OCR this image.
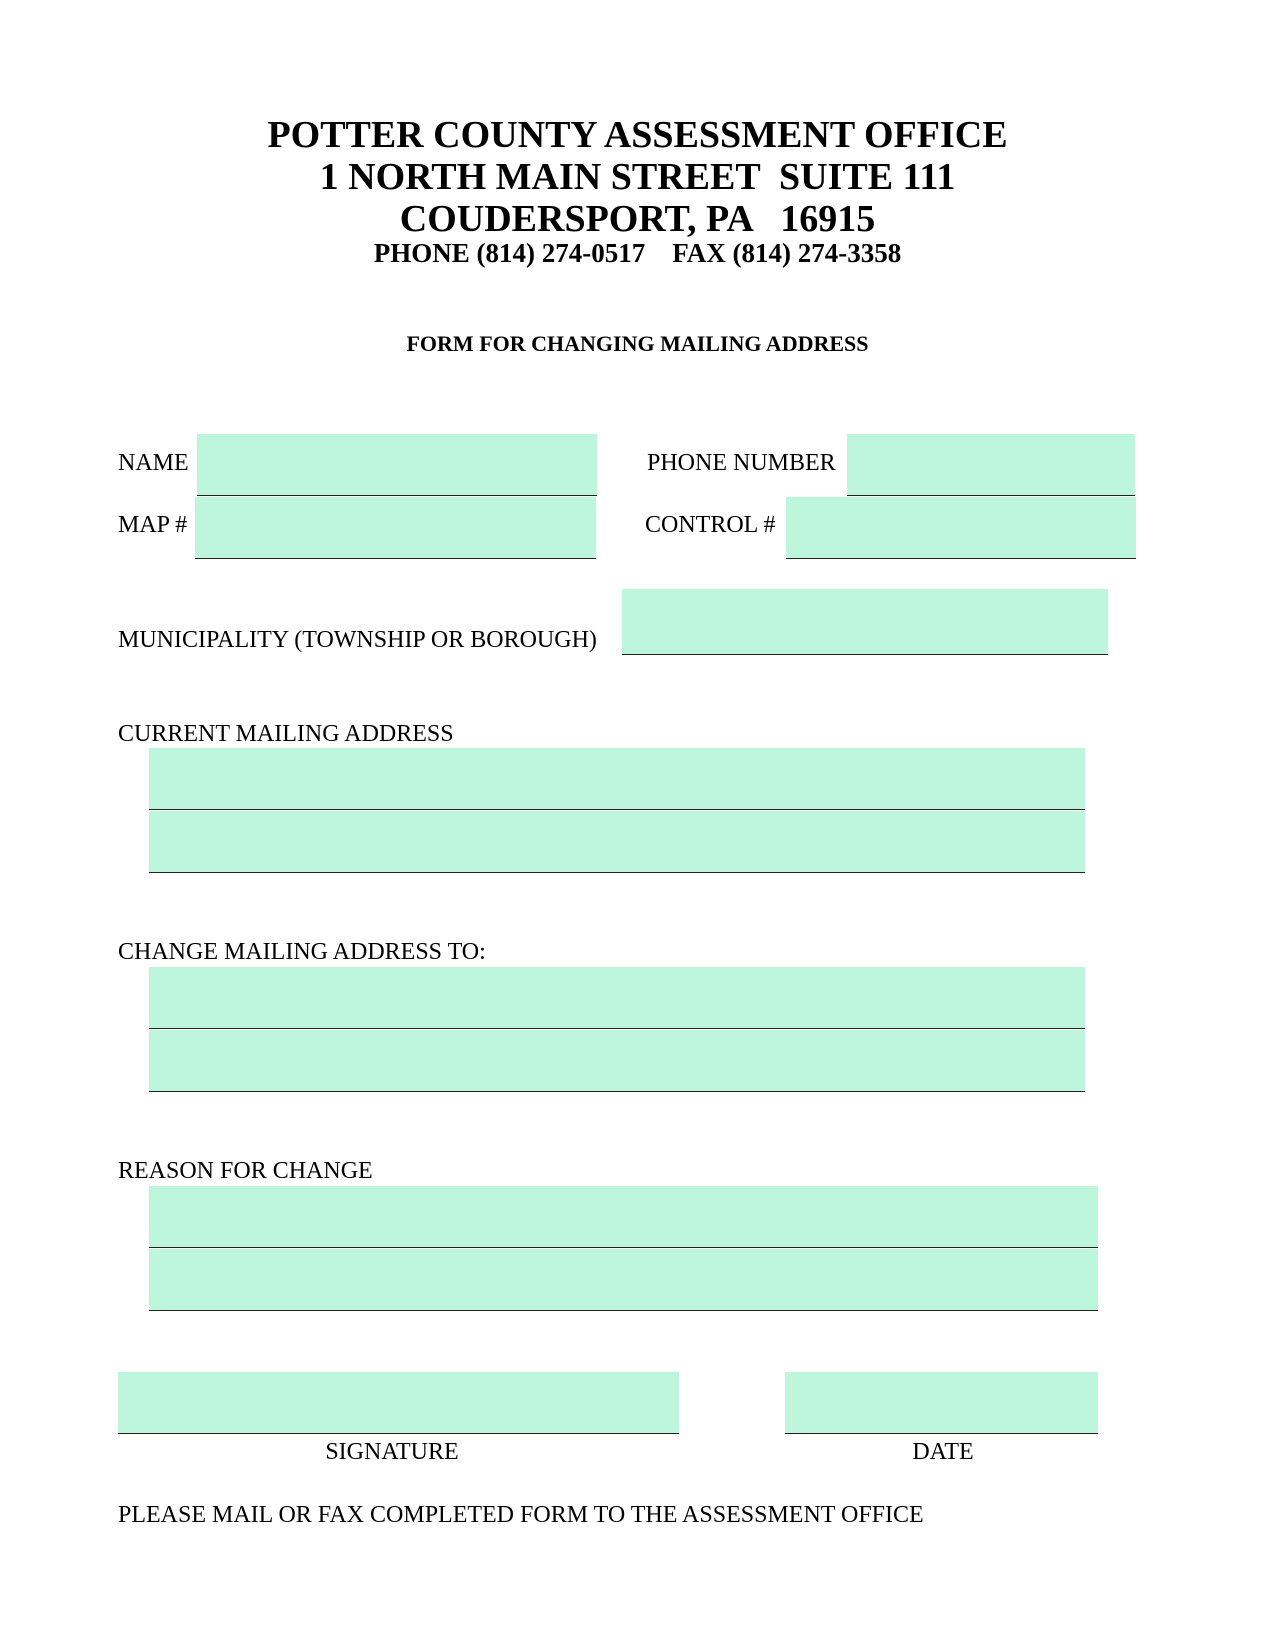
POTTER COUNTY ASSESSMENT OFFICE
1 NORTH MAIN STREET  SUITE 111
COUDERSPORT, PA   16915
PHONE (814) 274-0517    FAX (814) 274-3358
FORM FOR CHANGING MAILING ADDRESS
NAME	PHONE NUMBER
MAP #	CONTROL #
MUNICIPALITY (TOWNSHIP OR BOROUGH)
CURRENT MAILING ADDRESS
CHANGE MAILING ADDRESS TO:
REASON FOR CHANGE
SIGNATURE	DATE
PLEASE MAIL OR FAX COMPLETED FORM TO THE ASSESSMENT OFFICE
